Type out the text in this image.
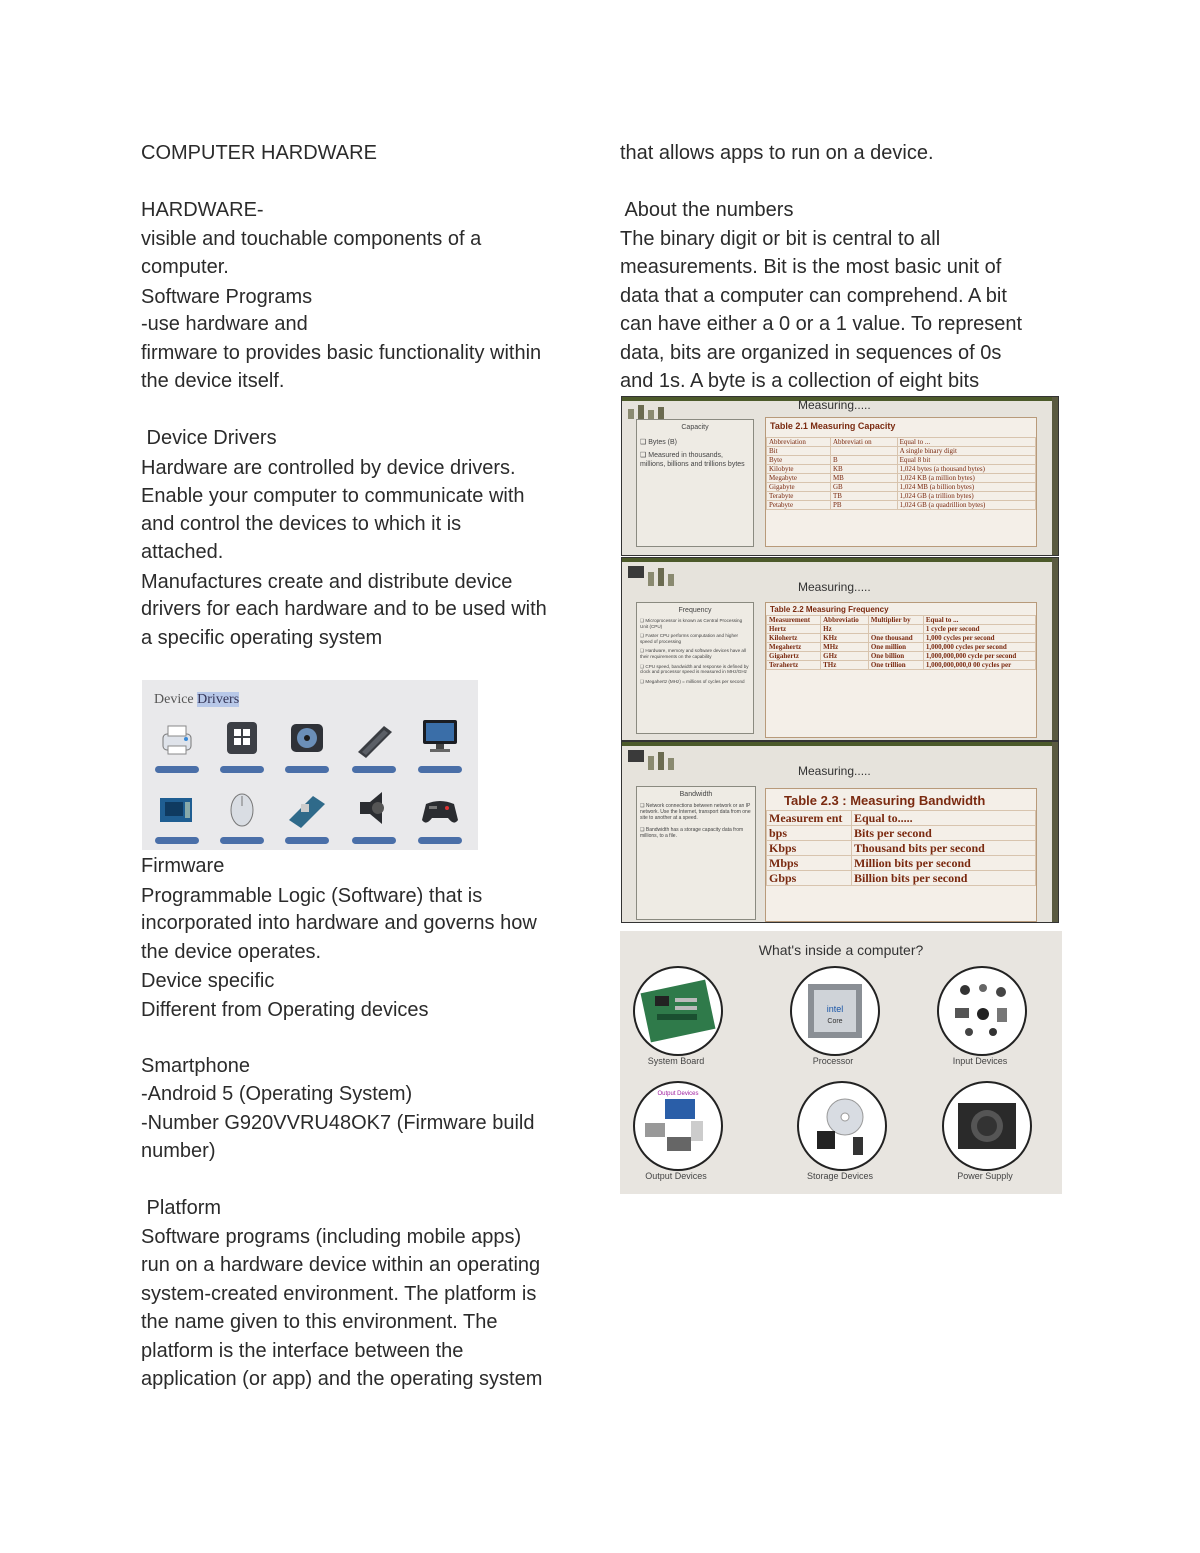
COMPUTER HARDWARE
HARDWARE-
visible and touchable components of a
computer.
Software Programs
-use hardware and
firmware to provides basic functionality within
the device itself.
Device Drivers
Hardware are controlled by device drivers.
Enable your computer to communicate with
and control the devices to which it is
attached.
Manufactures create and distribute device
drivers for each hardware and to be used with
a specific operating system
Firmware
Programmable Logic (Software) that is
incorporated into hardware and governs how
the device operates.
Device specific
Different from Operating devices
Smartphone
-Android 5 (Operating System)
-Number G920VVRU48OK7 (Firmware build
number)
Platform
Software programs (including mobile apps)
run on a hardware device within an operating
system-created environment. The platform is
the name given to this environment. The
platform is the interface between the
application (or app) and the operating system
Device Drivers
that allows apps to run on a device.
About the numbers
The binary digit or bit is central to all
measurements. Bit is the most basic unit of
data that a computer can comprehend. A bit
can have either a 0 or a 1 value. To represent
data, bits are organized in sequences of 0s
and 1s. A byte is a collection of eight bits
Measuring.....
Capacity
❑ Bytes (B)
❑ Measured in thousands, millions, billions and trillions bytes
Table 2.1 Measuring Capacity
Abbreviation	Abbreviati on	Equal to ...
Bit		A single binary digit
Byte	B	Equal 8 bit
Kilobyte	KB	1,024 bytes (a thousand bytes)
Megabyte	MB	1,024 KB (a million bytes)
Gigabyte	GB	1,024 MB (a billion bytes)
Terabyte	TB	1,024 GB (a trillion bytes)
Petabyte	PB	1,024 GB (a quadrillion bytes)
Measuring.....
Frequency
❑ Microprocessor is known as Central Processing Unit (CPU)
❑ Faster CPU performs computation and higher speed of processing
❑ Hardware, memory and software devices have all their requirements on the capability
❑ CPU speed, bandwidth and response is defined by clock and processor speed is measured in MHz/GHz
❑ Megahertz (MHz) = millions of cycles per second
Table 2.2 Measuring Frequency
Measurement	Abbreviatio	Multiplier by	Equal to ...
Hertz	Hz		1 cycle per second
Kilohertz	KHz	One thousand	1,000 cycles per second
Megahertz	MHz	One million	1,000,000 cycles per second
Gigahertz	GHz	One billion	1,000,000,000 cycle per second
Terahertz	THz	One trillion	1,000,000,000,0 00 cycles per
Measuring.....
Bandwidth
❑ Network connections between network or an IP network. Use the Internet, transport data from one site to another at a speed.
❑ Bandwidth has a storage capacity data from millions, to a file.
Table 2.3 : Measuring Bandwidth
Measurem ent	Equal to.....
bps	Bits per second
Kbps	Thousand bits per second
Mbps	Million bits per second
Gbps	Billion bits per second
What's inside a computer?
System Board
intel
Core
Processor	Input Devices
Output Devices
Output Devices	Storage Devices	Power Supply
